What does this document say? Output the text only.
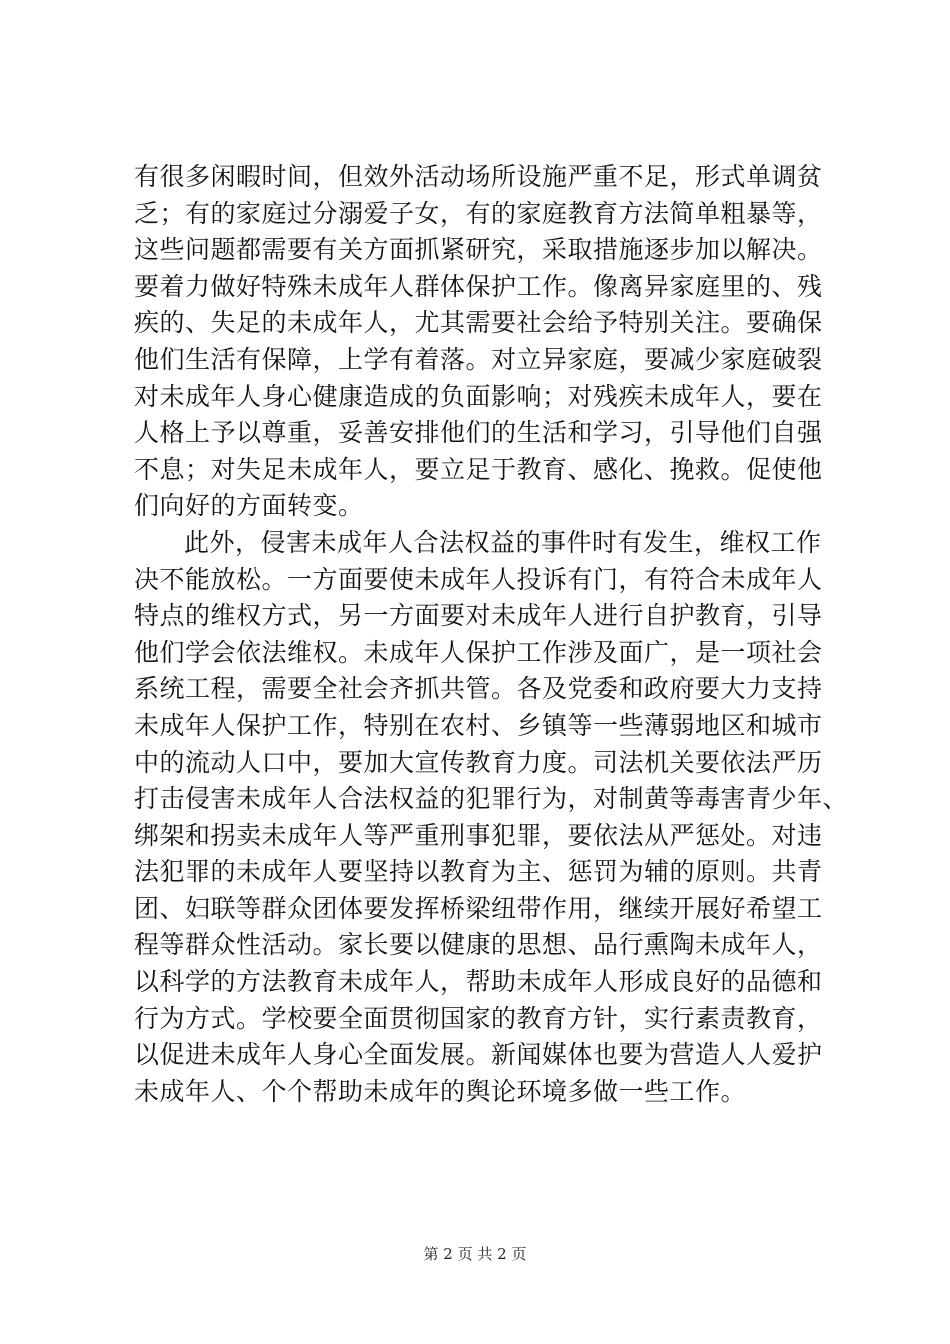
有很多闲暇时间，但效外活动场所设施严重不足，形式单调贫
乏；有的家庭过分溺爱子女，有的家庭教育方法简单粗暴等，
这些问题都需要有关方面抓紧研究，采取措施逐步加以解决。
要着力做好特殊未成年人群体保护工作。像离异家庭里的、残
疾的、失足的未成年人，尤其需要社会给予特别关注。要确保
他们生活有保障，上学有着落。对立异家庭，要减少家庭破裂
对未成年人身心健康造成的负面影响；对残疾未成年人，要在
人格上予以尊重，妥善安排他们的生活和学习，引导他们自强
不息；对失足未成年人，要立足于教育、感化、挽救。促使他
们向好的方面转变。
此外，侵害未成年人合法权益的事件时有发生，维权工作
决不能放松。一方面要使未成年人投诉有门，有符合未成年人
特点的维权方式，另一方面要对未成年人进行自护教育，引导
他们学会依法维权。未成年人保护工作涉及面广，是一项社会
系统工程，需要全社会齐抓共管。各及党委和政府要大力支持
未成年人保护工作，特别在农村、乡镇等一些薄弱地区和城市
中的流动人口中，要加大宣传教育力度。司法机关要依法严历
打击侵害未成年人合法权益的犯罪行为，对制黄等毒害青少年、
绑架和拐卖未成年人等严重刑事犯罪，要依法从严惩处。对违
法犯罪的未成年人要坚持以教育为主、惩罚为辅的原则。共青
团、妇联等群众团体要发挥桥梁纽带作用，继续开展好希望工
程等群众性活动。家长要以健康的思想、品行熏陶未成年人，
以科学的方法教育未成年人，帮助未成年人形成良好的品德和
行为方式。学校要全面贯彻国家的教育方针，实行素责教育，
以促进未成年人身心全面发展。新闻媒体也要为营造人人爱护
未成年人、个个帮助未成年的舆论环境多做一些工作。
第 2 页 共 2 页
